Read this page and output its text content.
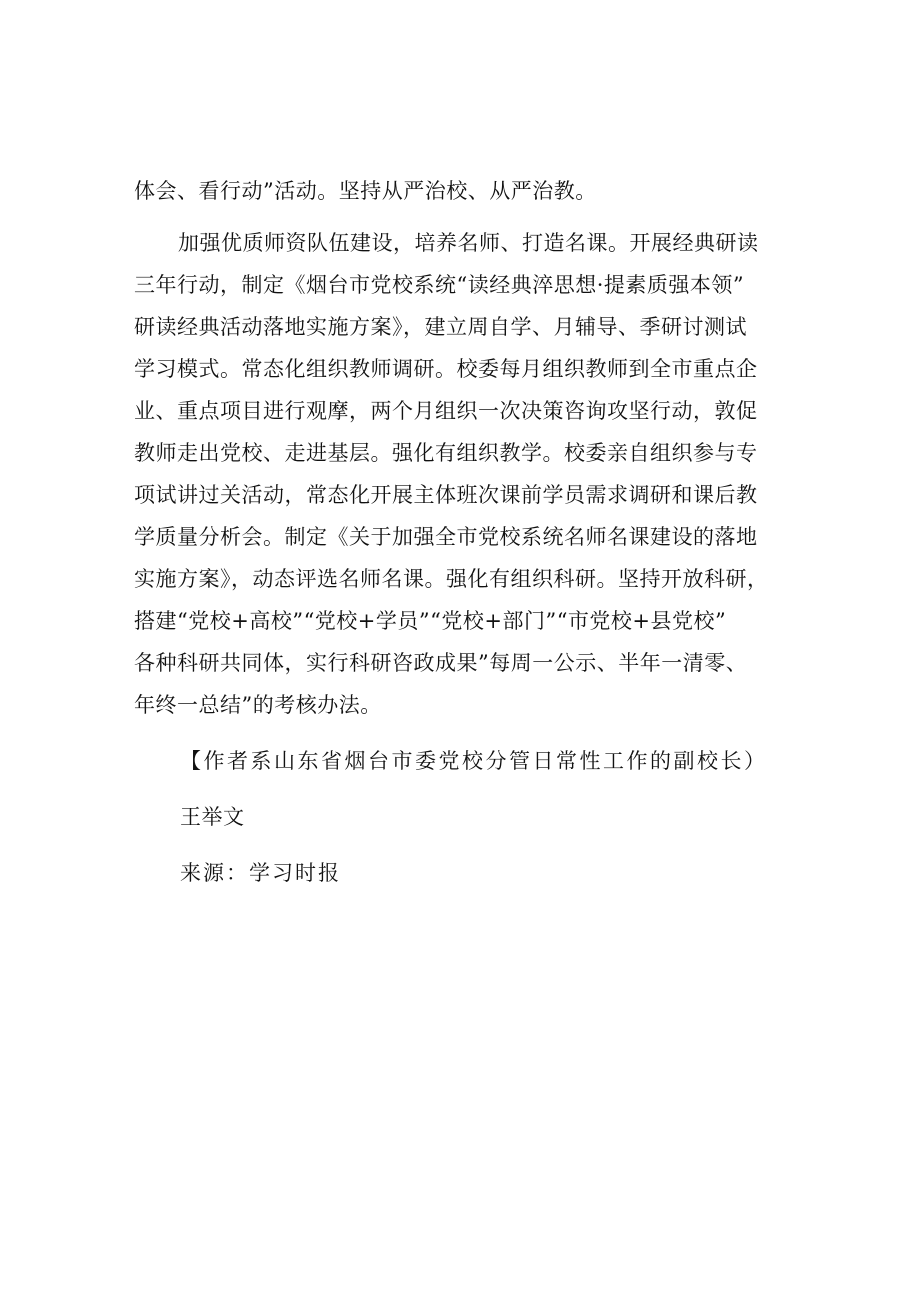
体会、看行动”活动。坚持从严治校、从严治教。
加强优质师资队伍建设，培养名师、打造名课。开展经典研读
三年行动，制定《烟台市党校系统“读经典淬思想·提素质强本领”
研读经典活动落地实施方案》，建立周自学、月辅导、季研讨测试
学习模式。常态化组织教师调研。校委每月组织教师到全市重点企
业、重点项目进行观摩，两个月组织一次决策咨询攻坚行动，敦促
教师走出党校、走进基层。强化有组织教学。校委亲自组织参与专
项试讲过关活动，常态化开展主体班次课前学员需求调研和课后教
学质量分析会。制定《关于加强全市党校系统名师名课建设的落地
实施方案》，动态评选名师名课。强化有组织科研。坚持开放科研，
搭建“党校+高校”“党校+学员”“党校+部门”“市党校+县党校”
各种科研共同体，实行科研咨政成果”每周一公示、半年一清零、
年终一总结”的考核办法。
【作者系山东省烟台市委党校分管日常性工作的副校长）
王举文
来源：学习时报
